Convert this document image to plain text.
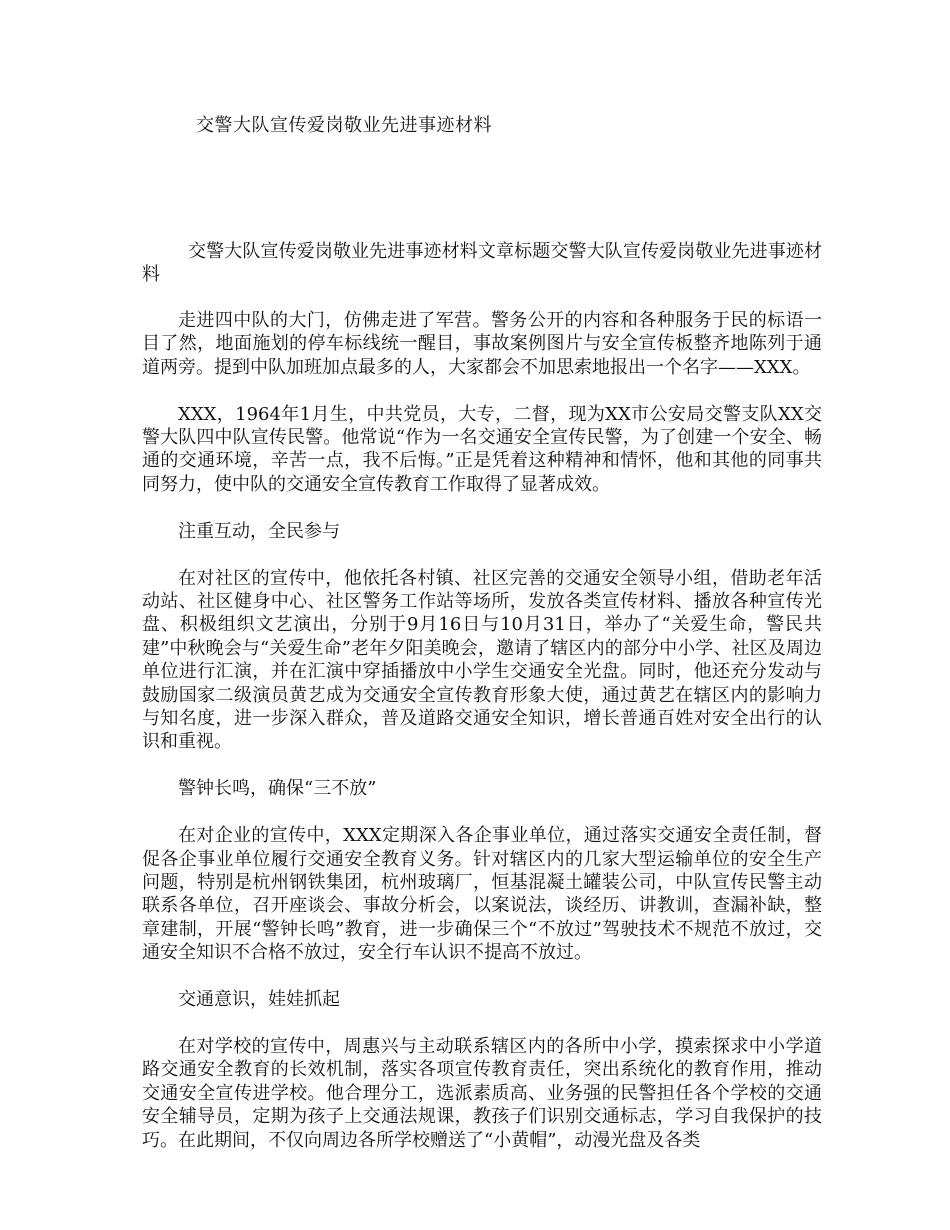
交警大队宣传爱岗敬业先进事迹材料

交警大队宣传爱岗敬业先进事迹材料文章标题交警大队宣传爱岗敬业先进事迹材料

走进四中队的大门，仿佛走进了军营。警务公开的内容和各种服务于民的标语一目了然，地面施划的停车标线统一醒目，事故案例图片与安全宣传板整齐地陈列于通道两旁。提到中队加班加点最多的人，大家都会不加思索地报出一个名字——XXX。

XXX，1964年1月生，中共党员，大专，二督，现为XX市公安局交警支队XX交警大队四中队宣传民警。他常说“作为一名交通安全宣传民警，为了创建一个安全、畅通的交通环境，辛苦一点，我不后悔。”正是凭着这种精神和情怀，他和其他的同事共同努力，使中队的交通安全宣传教育工作取得了显著成效。

注重互动，全民参与

在对社区的宣传中，他依托各村镇、社区完善的交通安全领导小组，借助老年活动站、社区健身中心、社区警务工作站等场所，发放各类宣传材料、播放各种宣传光盘、积极组织文艺演出，分别于9月16日与10月31日，举办了“关爱生命，警民共建”中秋晚会与“关爱生命”老年夕阳美晚会，邀请了辖区内的部分中小学、社区及周边单位进行汇演，并在汇演中穿插播放中小学生交通安全光盘。同时，他还充分发动与鼓励国家二级演员黄艺成为交通安全宣传教育形象大使，通过黄艺在辖区内的影响力与知名度，进一步深入群众，普及道路交通安全知识，增长普通百姓对安全出行的认识和重视。

警钟长鸣，确保“三不放”

在对企业的宣传中，XXX定期深入各企事业单位，通过落实交通安全责任制，督促各企事业单位履行交通安全教育义务。针对辖区内的几家大型运输单位的安全生产问题，特别是杭州钢铁集团，杭州玻璃厂，恒基混凝土罐装公司，中队宣传民警主动联系各单位，召开座谈会、事故分析会，以案说法，谈经历、讲教训，查漏补缺，整章建制，开展“警钟长鸣”教育，进一步确保三个“不放过”驾驶技术不规范不放过，交通安全知识不合格不放过，安全行车认识不提高不放过。

交通意识，娃娃抓起

在对学校的宣传中，周惠兴与主动联系辖区内的各所中小学，摸索探求中小学道路交通安全教育的长效机制，落实各项宣传教育责任，突出系统化的教育作用，推动交通安全宣传进学校。他合理分工，选派素质高、业务强的民警担任各个学校的交通安全辅导员，定期为孩子上交通法规课，教孩子们识别交通标志，学习自我保护的技巧。在此期间，不仅向周边各所学校赠送了“小黄帽”，动漫光盘及各类
